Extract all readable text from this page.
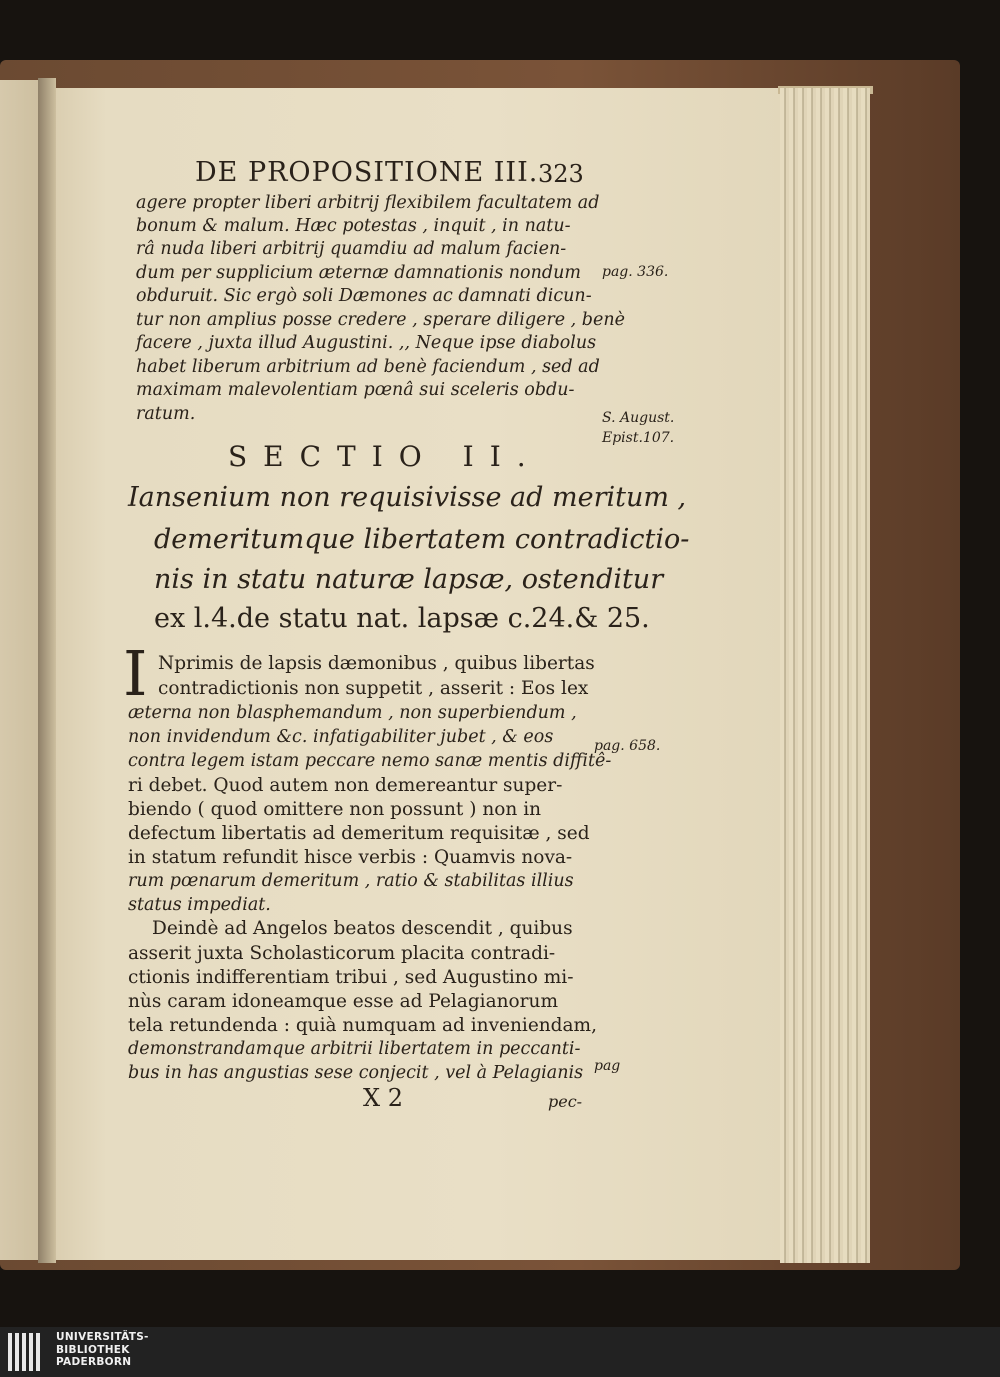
DE PROPOSITIONE III. 323
agere propter liberi arbitrij flexibilem facultatem ad
bonum & malum. Hæc potestas , inquit , in natu-
râ nuda liberi arbitrij quamdiu ad malum facien-
dum per supplicium æternæ damnationis nondum
obduruit. Sic ergò soli Dæmones ac damnati dicun-
tur non amplius posse credere , sperare diligere , benè
facere , juxta illud Augustini. ,, Neque ipse diabolus
habet liberum arbitrium ad benè faciendum , sed ad
maximam malevolentiam pœnâ sui sceleris obdu-
ratum.
pag. 336.
S. August.
Epist.107.
SECTIO II.
Iansenium non requisivisse ad meritum ,
demeritumque libertatem contradictio-
nis in statu naturæ lapsæ, ostenditur
ex l.4.de statu nat. lapsæ c.24.& 25.
I Nprimis de lapsis dæmonibus , quibus libertas
contradictionis non suppetit , asserit : Eos lex
æterna non blasphemandum , non superbiendum ,
non invidendum &c. infatigabiliter jubet , & eos
contra legem istam peccare nemo sanæ mentis diffitê-
ri debet. Quod autem non demereantur super-
biendo ( quod omittere non possunt ) non in
defectum libertatis ad demeritum requisitæ , sed
in statum refundit hisce verbis : Quamvis nova-
rum pœnarum demeritum , ratio & stabilitas illius
status impediat.
Deindè ad Angelos beatos descendit , quibus
asserit juxta Scholasticorum placita contradi-
ctionis indifferentiam tribui , sed Augustino mi-
nùs caram idoneamque esse ad Pelagianorum
tela retundenda : quià numquam ad inveniendam,
demonstrandamque arbitrii libertatem in peccanti-
bus in has angustias sese conjecit , vel à Pelagianis
pag. 658.
pag
X 2	pec-
UNIVERSITÄTS-
BIBLIOTHEK
PADERBORN
